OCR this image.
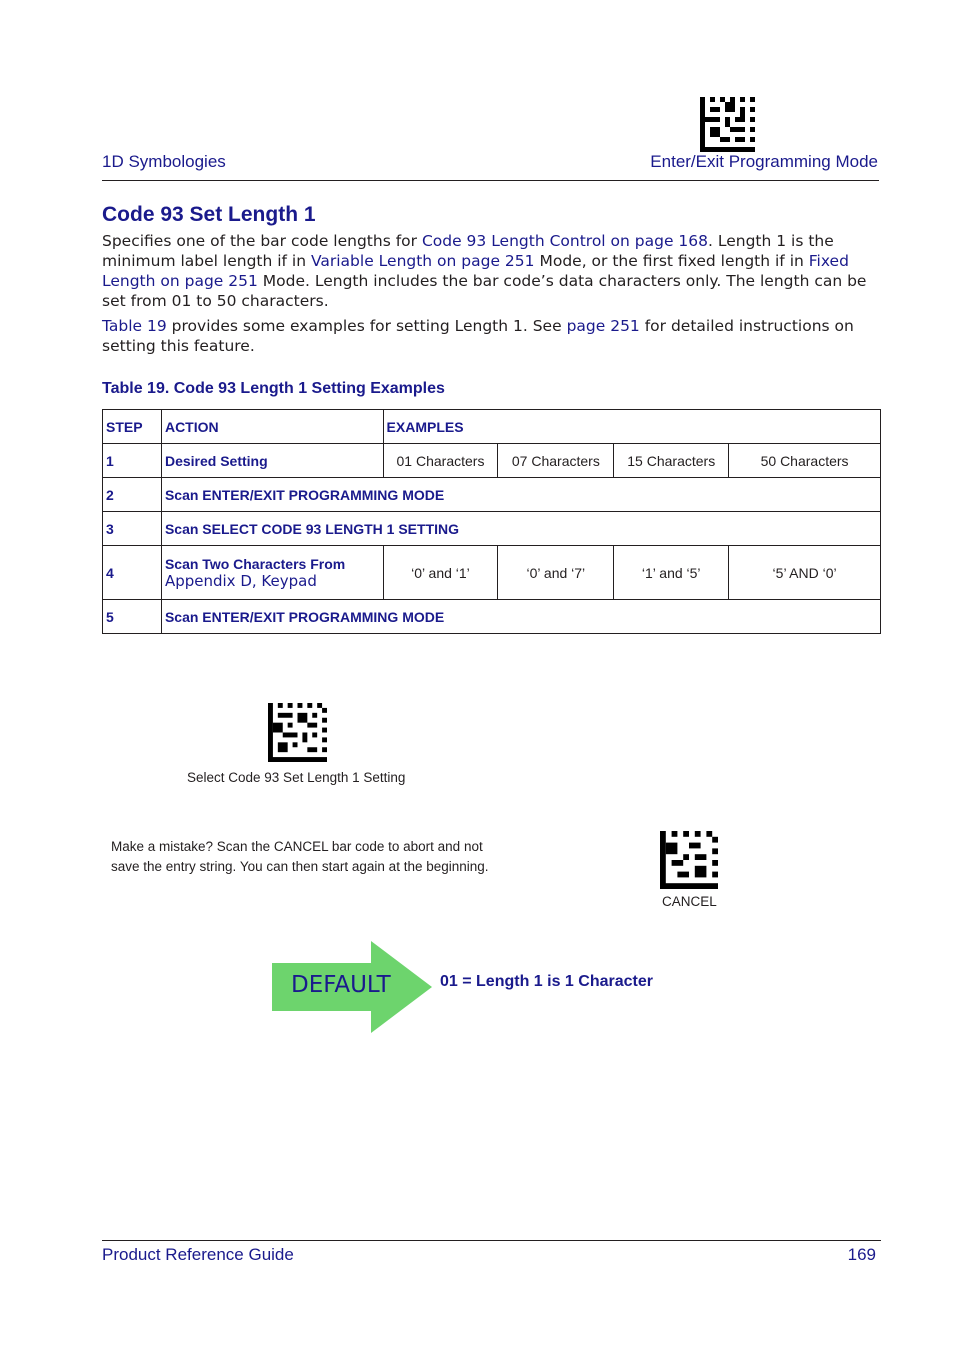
1D Symbologies	Enter/Exit Programming Mode
Code 93 Set Length 1
Specifies one of the bar code lengths for Code 93 Length Control on page 168. Length 1 is the minimum label length if in Variable Length on page 251 Mode, or the first fixed length if in Fixed Length on page 251 Mode. Length includes the bar code’s data characters only. The length can be set from 01 to 50 characters.
Table 19 provides some examples for setting Length 1. See page 251 for detailed instructions on setting this feature.
Table 19. Code 93 Length 1 Setting Examples
STEP	ACTION	EXAMPLES			
1	Desired Setting	01 Characters	07 Characters	15 Characters	50 Characters
2	Scan ENTER/EXIT PROGRAMMING MODE				
3	Scan SELECT CODE 93 LENGTH 1 SETTING				
4	Scan Two Characters From
Appendix D, Keypad	‘0’ and ‘1’	‘0’ and ‘7’	‘1’ and ‘5’	‘5’ AND ‘0’
5	Scan ENTER/EXIT PROGRAMMING MODE				
Select Code 93 Set Length 1 Setting
Make a mistake? Scan the CANCEL bar code to abort and not save the entry string. You can then start again at the beginning.
CANCEL
DEFAULT	01 = Length 1 is 1 Character
Product Reference Guide	169
